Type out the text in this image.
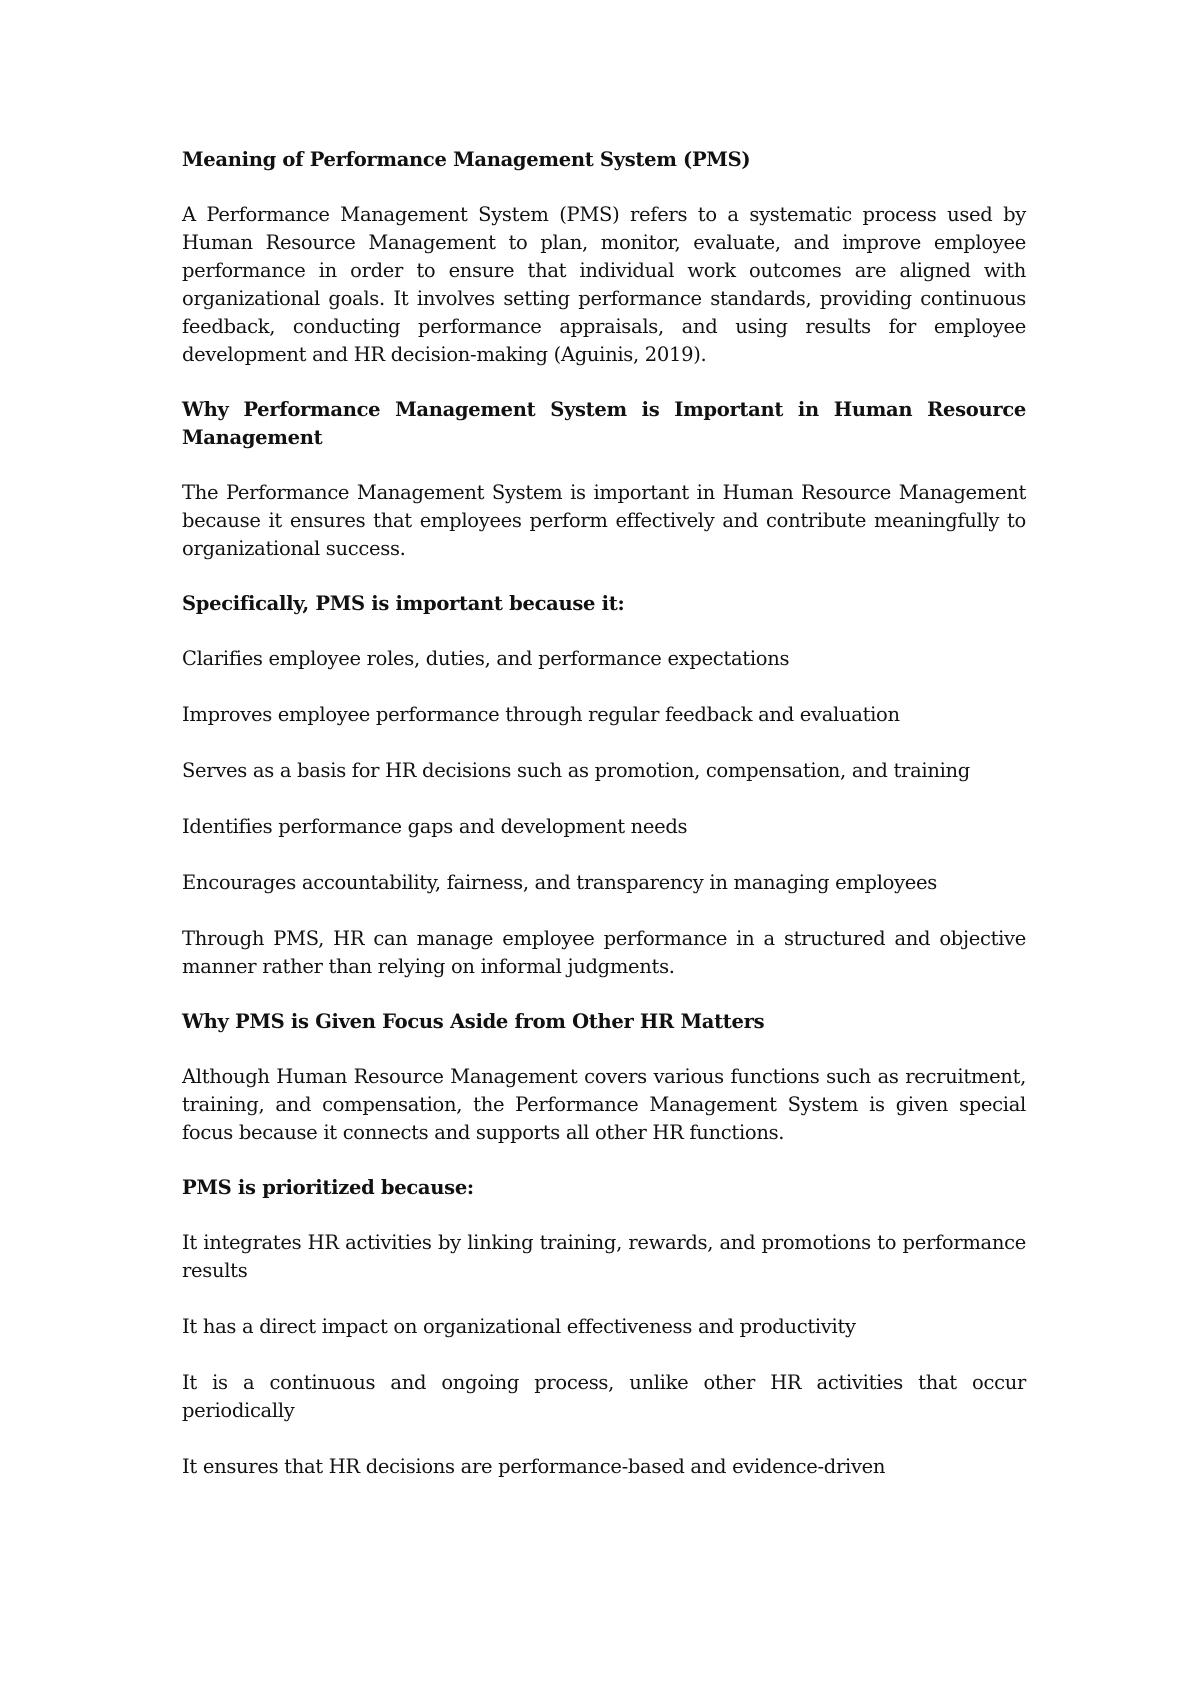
Meaning of Performance Management System (PMS)

A Performance Management System (PMS) refers to a systematic process used by Human Resource Management to plan, monitor, evaluate, and improve employee performance in order to ensure that individual work outcomes are aligned with organizational goals. It involves setting performance standards, providing continuous feedback, conducting performance appraisals, and using results for employee development and HR decision-making (Aguinis, 2019).

Why Performance Management System is Important in Human Resource Management

The Performance Management System is important in Human Resource Management because it ensures that employees perform effectively and contribute meaningfully to organizational success.

Specifically, PMS is important because it:

Clarifies employee roles, duties, and performance expectations

Improves employee performance through regular feedback and evaluation

Serves as a basis for HR decisions such as promotion, compensation, and training

Identifies performance gaps and development needs

Encourages accountability, fairness, and transparency in managing employees

Through PMS, HR can manage employee performance in a structured and objective manner rather than relying on informal judgments.

Why PMS is Given Focus Aside from Other HR Matters

Although Human Resource Management covers various functions such as recruitment, training, and compensation, the Performance Management System is given special focus because it connects and supports all other HR functions.

PMS is prioritized because:

It integrates HR activities by linking training, rewards, and promotions to performance results

It has a direct impact on organizational effectiveness and productivity

It is a continuous and ongoing process, unlike other HR activities that occur periodically

It ensures that HR decisions are performance-based and evidence-driven
